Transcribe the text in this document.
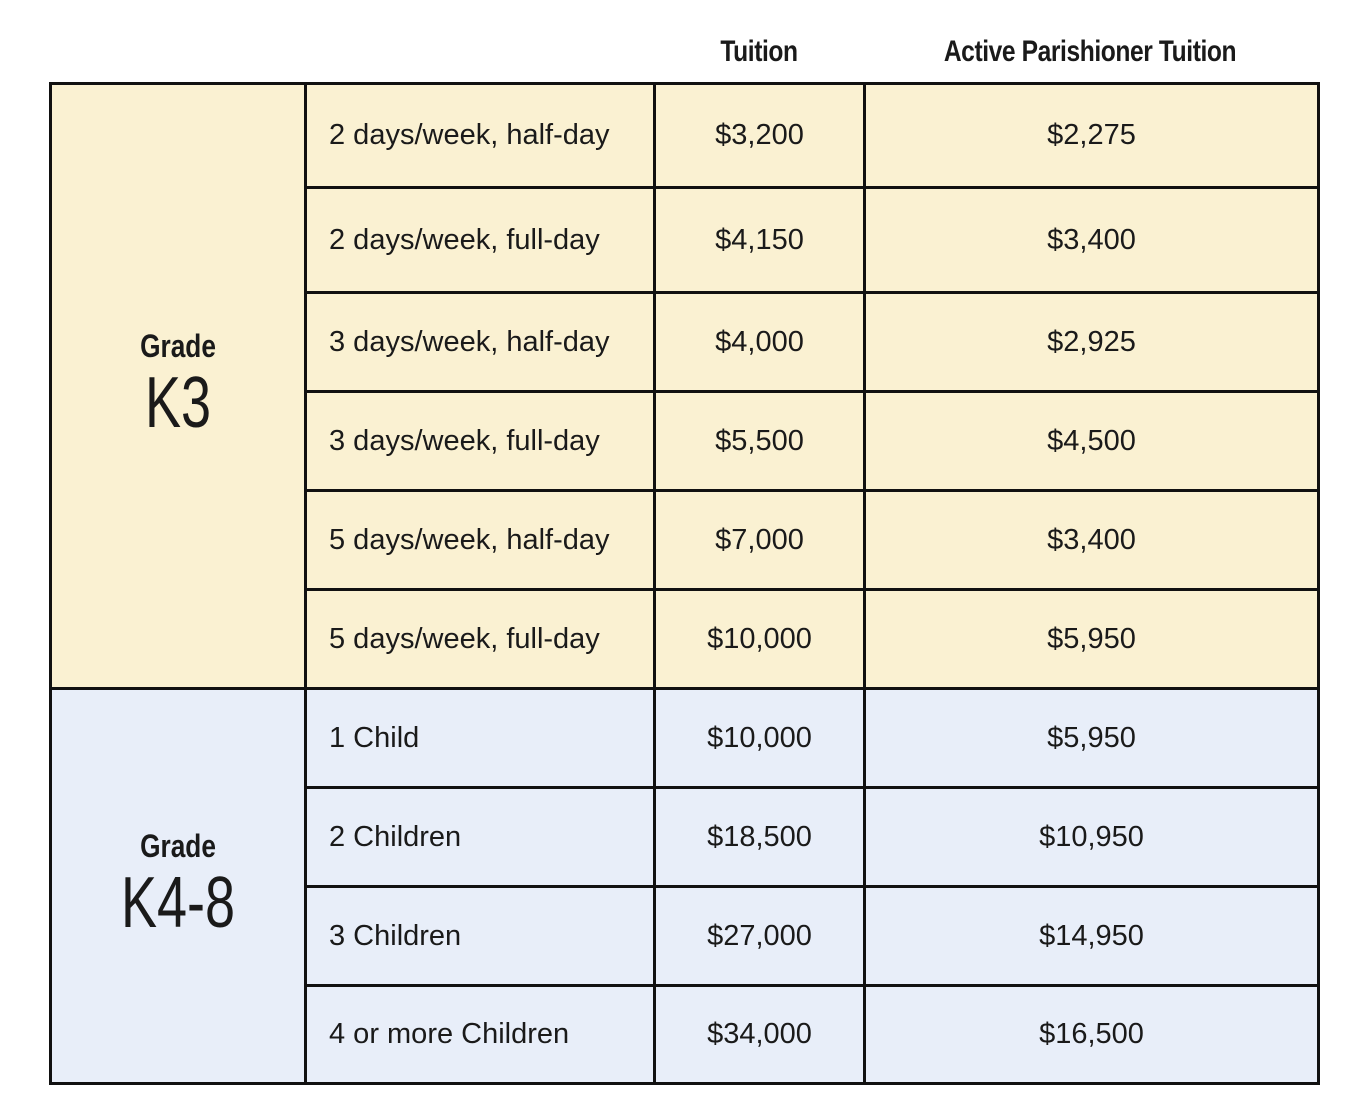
Tuition	Active Parishioner Tuition
Grade
K3	2 days/week, half-day	$3,200	$2,275
	2 days/week, full-day	$4,150	$3,400
	3 days/week, half-day	$4,000	$2,925
	3 days/week, full-day	$5,500	$4,500
	5 days/week, half-day	$7,000	$3,400
	5 days/week, full-day	$10,000	$5,950

Grade
K4-8	1 Child	$10,000	$5,950
	2 Children	$18,500	$10,950
	3 Children	$27,000	$14,950
	4 or more Children	$34,000	$16,500
